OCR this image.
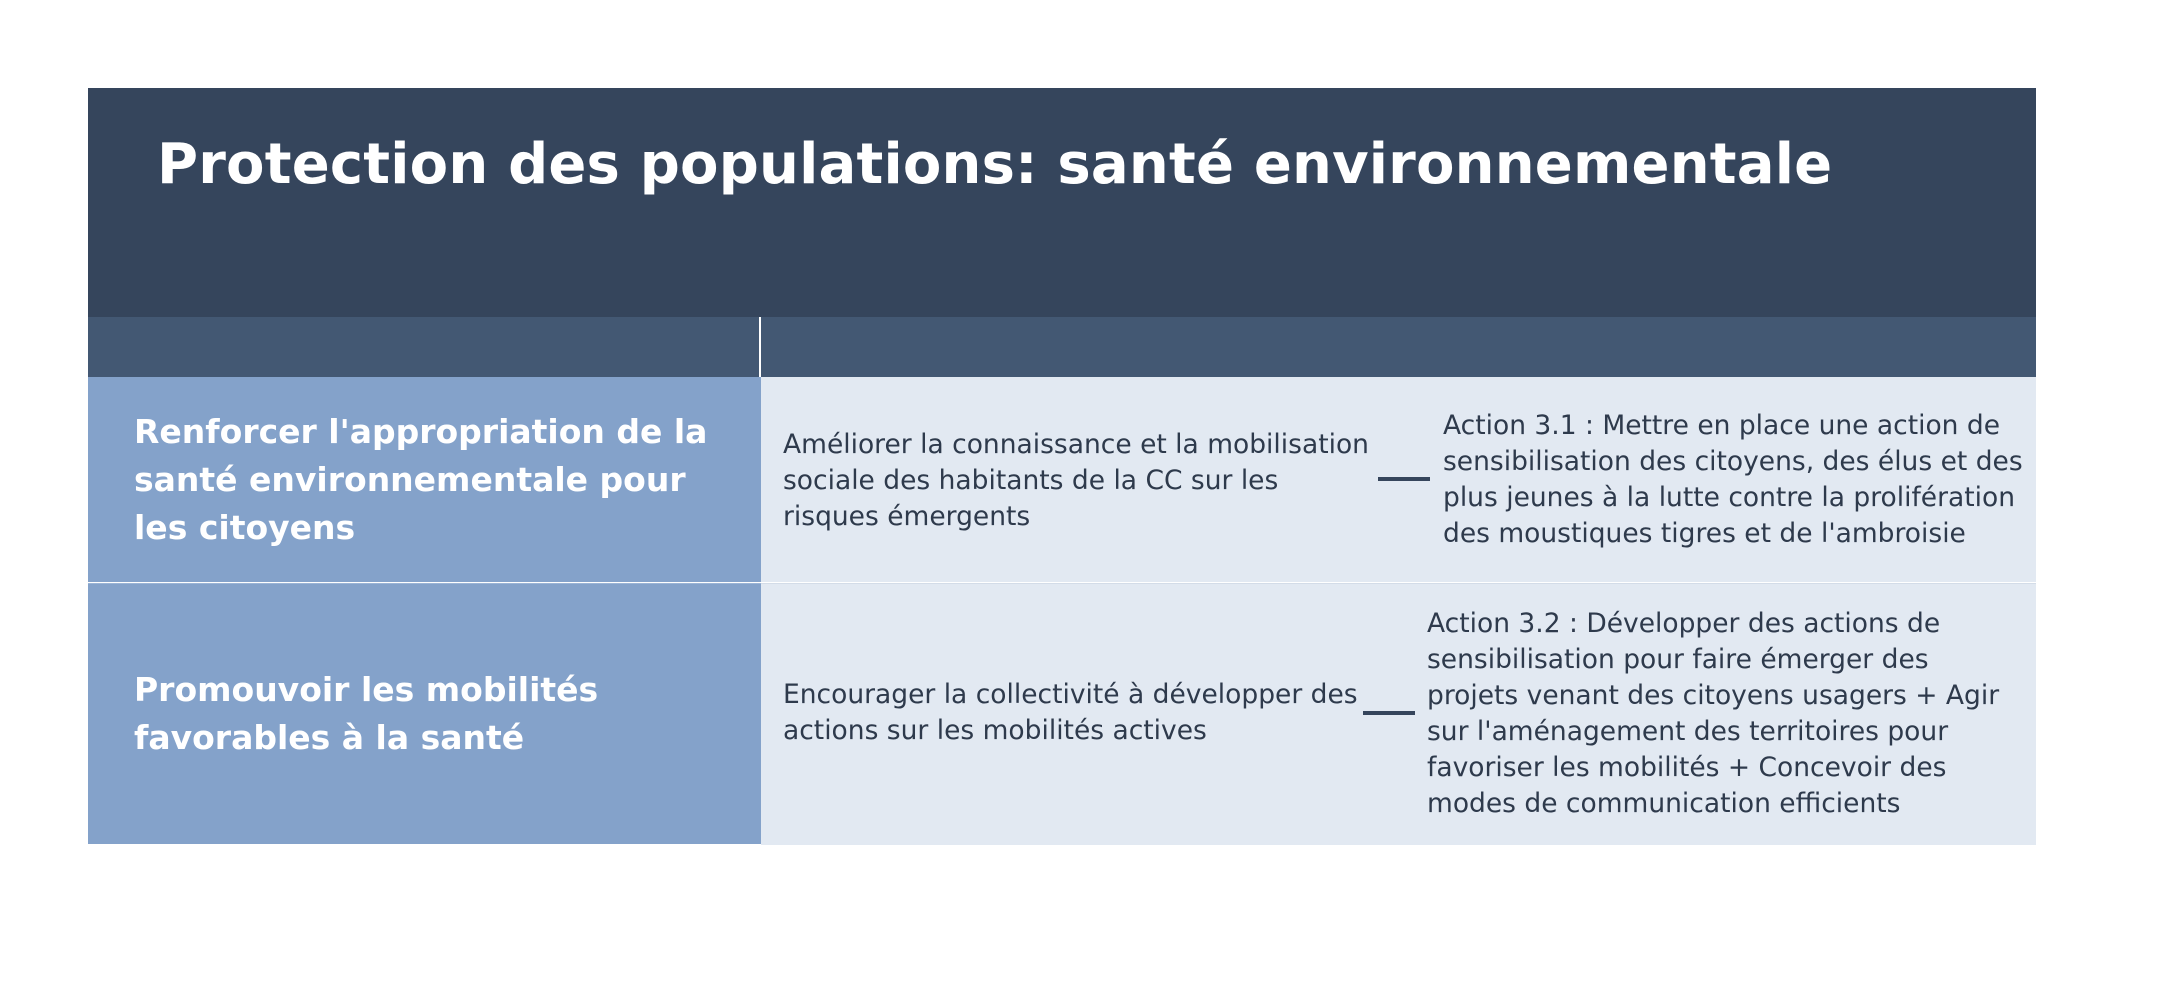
Protection des populations: santé environnementale
Renforcer l'appropriation de la santé environnementale pour les citoyens
Promouvoir les mobilités favorables à la santé
Améliorer la connaissance et la mobilisation sociale des habitants de la CC sur les risques émergents
Action 3.1 : Mettre en place une action de sensibilisation des citoyens, des élus et des plus jeunes à la lutte contre la prolifération des moustiques tigres et de l'ambroisie
Encourager la collectivité à développer des actions sur les mobilités actives
Action 3.2 : Développer des actions de sensibilisation pour faire émerger des projets venant des citoyens usagers + Agir sur l'aménagement des territoires pour favoriser les mobilités + Concevoir des modes de communication efficients
